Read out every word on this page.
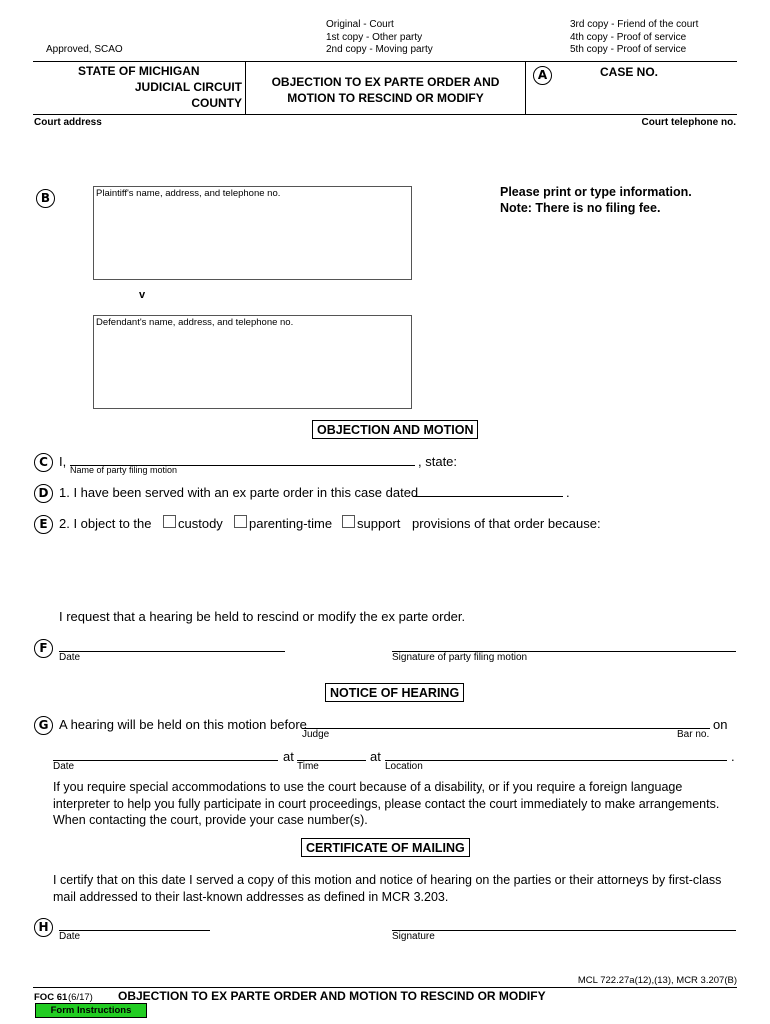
Approved, SCAO
Original - Court
1st copy - Other party
2nd copy - Moving party
3rd copy - Friend of the court
4th copy - Proof of service
5th copy - Proof of service
STATE OF MICHIGAN
JUDICIAL CIRCUIT
COUNTY
OBJECTION TO EX PARTE ORDER AND
MOTION TO RESCIND OR MODIFY
A	CASE NO.
Court address	Court telephone no.
B	Plaintiff's name, address, and telephone no.
v
Defendant's name, address, and telephone no.
Please print or type information.
Note: There is no filing fee.
OBJECTION AND MOTION
C I,	, state:
Name of party filing motion
D 1. I have been served with an ex parte order in this case dated	.
E 2. I object to the custody parenting-time support provisions of that order because:
I request that a hearing be held to rescind or modify the ex parte order.
F
Date	Signature of party filing motion
NOTICE OF HEARING
G A hearing will be held on this motion before	on
Judge	Bar no.
at	at	.
Date	Time	Location
If you require special accommodations to use the court because of a disability, or if you require a foreign language
interpreter to help you fully participate in court proceedings, please contact the court immediately to make arrangements.
When contacting the court, provide your case number(s).
CERTIFICATE OF MAILING
I certify that on this date I served a copy of this motion and notice of hearing on the parties or their attorneys by first-class
mail addressed to their last-known addresses as defined in MCR 3.203.
H
Date	Signature
MCL 722.27a(12),(13), MCR 3.207(B)
FOC 61 (6/17) OBJECTION TO EX PARTE ORDER AND MOTION TO RESCIND OR MODIFY
Form Instructions
